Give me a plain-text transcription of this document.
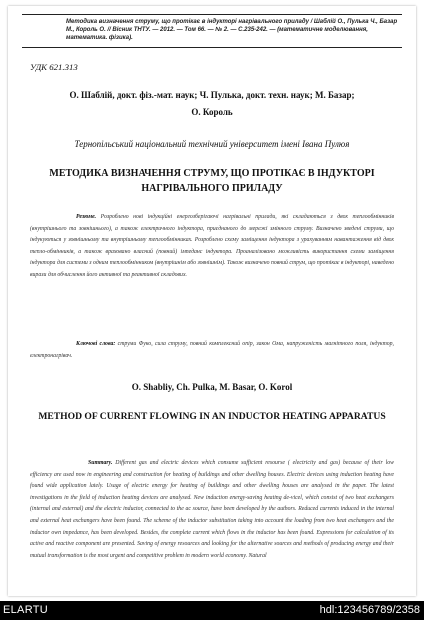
Методика визначення струму, що протікає в індукторі нагрівального приладу / Шаблій О., Пулька Ч., Базар М., Король О. // Вісник ТНТУ. — 2012. — Том 66. — № 2. — С.235-242. — (математичне моделювання, математика. фізика).
УДК 621.313
О. Шаблій, докт. фіз.-мат. наук; Ч. Пулька, докт. техн. наук; М. Базар;
О. Король
Тернопільський національний технічний університет імені Івана Пулюя
МЕТОДИКА ВИЗНАЧЕННЯ СТРУМУ, ЩО ПРОТІКАЄ В ІНДУКТОРІ НАГРІВАЛЬНОГО ПРИЛАДУ
Резюме. Розроблено нові індукційні енергозберігаючі нагрівальні прилади, які складаються з двох теплообмінників (внутрішнього та зовнішнього), а також електричного індуктора, приєднаного до мережі змінного струму. Визначено зведені струми, що індукуються у зовнішньому та внутрішньому теплообмінниках. Розроблено схему заміщення індуктора з урахуванням навантаження від двох тепло-обмінників, а також враховано власний (повний) імпеданс індуктора. Проаналізовано можливість використання схеми заміщення індуктора для системи з одним теплообмінником (внутрішнім або зовнішнім). Також визначено повний струм, що протікає в індукторі, наведено вирази для обчислення його активної та реактивної складових.
Ключові слова: струми Фуко, сила струму, повний комплексний опір, закон Ома, напруженість магнітного поля, індуктор, електронагрівач.
O. Shabliy, Ch. Pulka, M. Basar, O. Korol
METHOD OF CURRENT FLOWING IN AN INDUCTOR HEATING APPARATUS
Summary. Different gas and electric devices which consume sufficient resourse ( electricity and gas) because of their low efficiency are used now in engineering and construction for heating of buildings and other dwelling houses. Electric devices using induction heating have found wide application lately. Usage of electric energy for heating of buildings and other dwelling houses are analysed in the paper. The latest investigations in the field of induction heating devices are analysed. New induction energy-saving heating de-vicel, which consist of two heat exchangers (internal and external) and the electric inductor, connected to the ac source, have been developed by the authors. Reduced currents induced in the internal and external heat exchangers have been found. The scheme of the inductor substitution taking into account the loading from two heat exchangers and the inductor own impedance, has been developed. Besides, the complete current which flows in the inductor has been found. Expressions for calculation of its active and reactive component are presented. Saving of energy resources and looking for the alternative sources and methods of producing energy and their mutual transformation is the most urgent and competitive problem in modern world economy. Natural
ELARTU	hdl:123456789/2358
